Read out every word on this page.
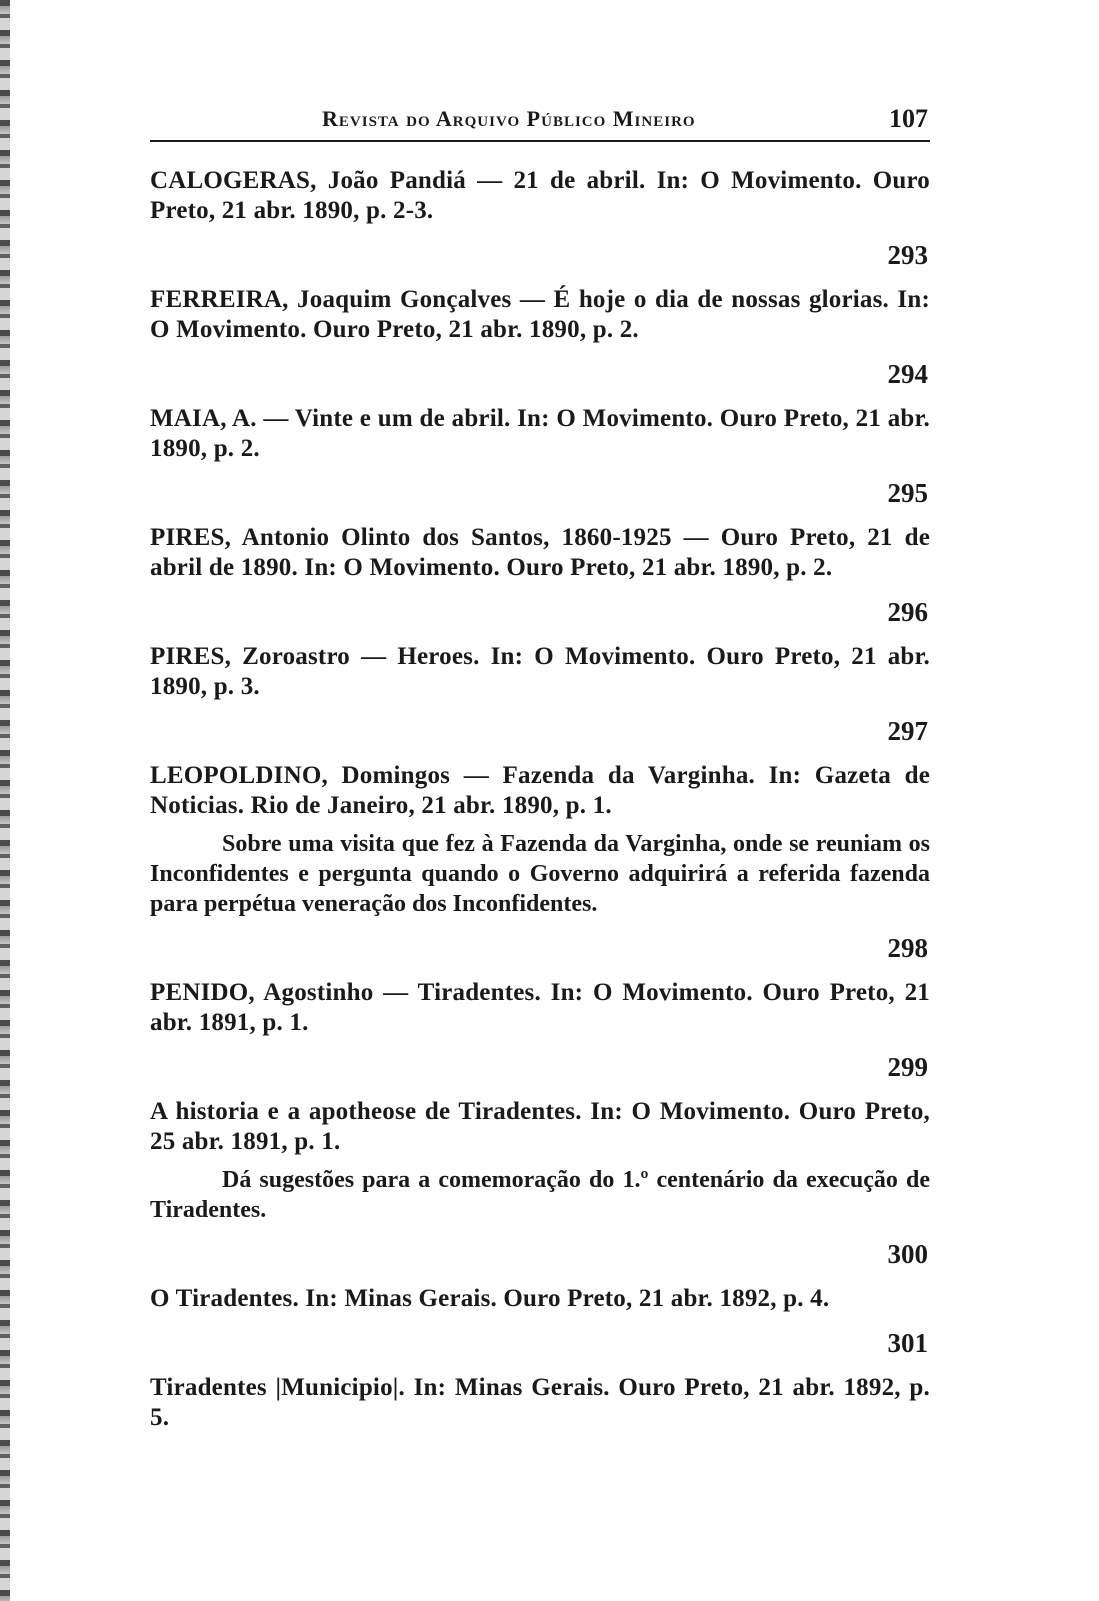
Revista do Arquivo Público Mineiro	107
CALOGERAS, João Pandiá — 21 de abril. In: O Movimento. Ouro Preto, 21 abr. 1890, p. 2-3.
293
FERREIRA, Joaquim Gonçalves — É hoje o dia de nossas glorias. In: O Movimento. Ouro Preto, 21 abr. 1890, p. 2.
294
MAIA, A. — Vinte e um de abril. In: O Movimento. Ouro Preto, 21 abr. 1890, p. 2.
295
PIRES, Antonio Olinto dos Santos, 1860-1925 — Ouro Preto, 21 de abril de 1890. In: O Movimento. Ouro Preto, 21 abr. 1890, p. 2.
296
PIRES, Zoroastro — Heroes. In: O Movimento. Ouro Preto, 21 abr. 1890, p. 3.
297
LEOPOLDINO, Domingos — Fazenda da Varginha. In: Gazeta de Noticias. Rio de Janeiro, 21 abr. 1890, p. 1.
Sobre uma visita que fez à Fazenda da Varginha, onde se reuniam os Inconfidentes e pergunta quando o Governo adquirirá a referida fazenda para perpétua veneração dos Inconfidentes.
298
PENIDO, Agostinho — Tiradentes. In: O Movimento. Ouro Preto, 21 abr. 1891, p. 1.
299
A historia e a apotheose de Tiradentes. In: O Movimento. Ouro Preto, 25 abr. 1891, p. 1.
Dá sugestões para a comemoração do 1.º centenário da execução de Tiradentes.
300
O Tiradentes. In: Minas Gerais. Ouro Preto, 21 abr. 1892, p. 4.
301
Tiradentes |Municipio|. In: Minas Gerais. Ouro Preto, 21 abr. 1892, p. 5.
